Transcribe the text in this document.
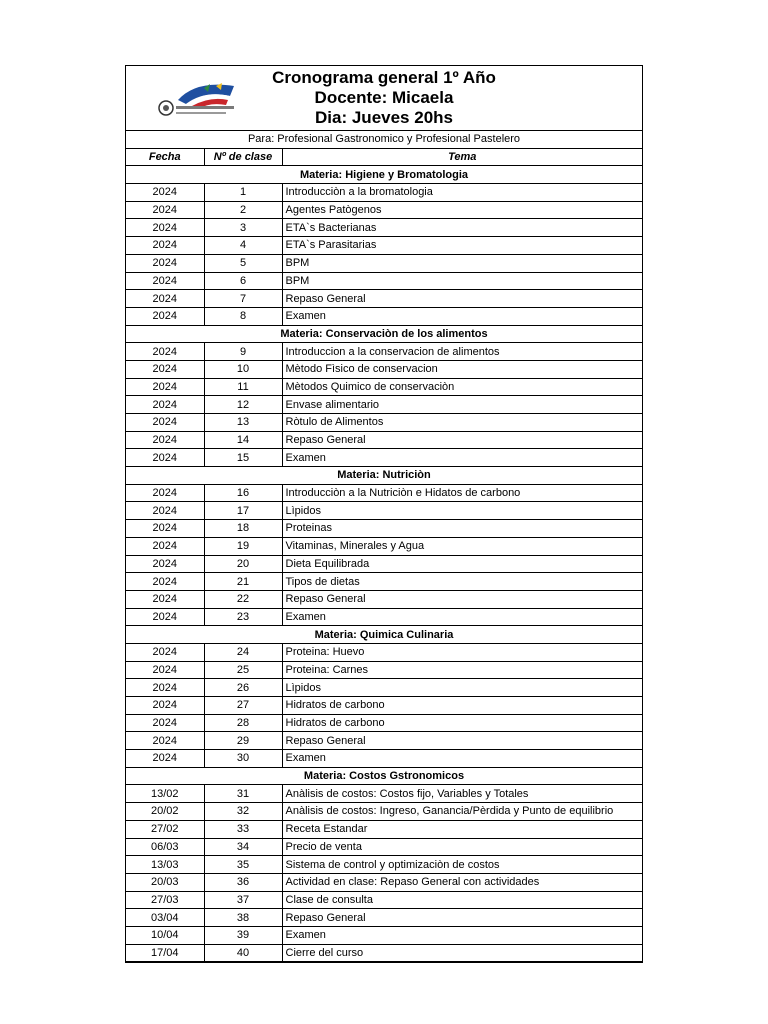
Cronograma general 1º Año
Docente: Micaela
Dia: Jueves 20hs
Para: Profesional Gastronomico y Profesional Pastelero		
Fecha	Nº de clase	Tema
Materia: Higiene y Bromatologia		
2024	1	Introducciòn a la bromatologia
2024	2	Agentes Patògenos
2024	3	ETA`s Bacterianas
2024	4	ETA`s Parasitarias
2024	5	BPM
2024	6	BPM
2024	7	Repaso General
2024	8	Examen
Materia: Conservaciòn de los alimentos		
2024	9	Introduccion a la conservacion de alimentos
2024	10	Mètodo Fìsico de conservacion
2024	11	Mètodos Quimico de conservaciòn
2024	12	Envase alimentario
2024	13	Ròtulo de Alimentos
2024	14	Repaso General
2024	15	Examen
Materia: Nutriciòn		
2024	16	Introducciòn a la Nutriciòn e Hidatos de carbono
2024	17	Lìpidos
2024	18	Proteinas
2024	19	Vitaminas, Minerales y Agua
2024	20	Dieta Equilibrada
2024	21	Tipos de dietas
2024	22	Repaso General
2024	23	Examen
Materia: Quimica Culinaria		
2024	24	Proteina: Huevo
2024	25	Proteina: Carnes
2024	26	Lìpidos
2024	27	Hidratos de carbono
2024	28	Hidratos de carbono
2024	29	Repaso General
2024	30	Examen
Materia: Costos Gstronomicos		
13/02	31	Anàlisis de costos: Costos fijo, Variables y Totales
20/02	32	Anàlisis de costos: Ingreso, Ganancia/Pèrdida y Punto de equilibrio
27/02	33	Receta Estandar
06/03	34	Precio de venta
13/03	35	Sistema de control y optimizaciòn de costos
20/03	36	Actividad en clase: Repaso General con actividades
27/03	37	Clase de consulta
03/04	38	Repaso General
10/04	39	Examen
17/04	40	Cierre del curso
